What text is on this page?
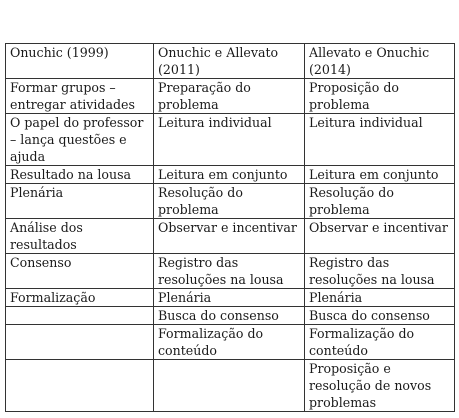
Onuchic (1999)	Onuchic e Allevato (2011)	Allevato e Onuchic (2014)
Formar grupos – entregar atividades	Preparação do problema	Proposição do problema
O papel do professor – lança questões e ajuda	Leitura individual	Leitura individual
Resultado na lousa	Leitura em conjunto	Leitura em conjunto
Plenária	Resolução do problema	Resolução do problema
Análise dos resultados	Observar e incentivar	Observar e incentivar
Consenso	Registro das resoluções na lousa	Registro das resoluções na lousa
Formalização	Plenária	Plenária
	Busca do consenso	Busca do consenso
	Formalização do conteúdo	Formalização do conteúdo
		Proposição e resolução de novos problemas
